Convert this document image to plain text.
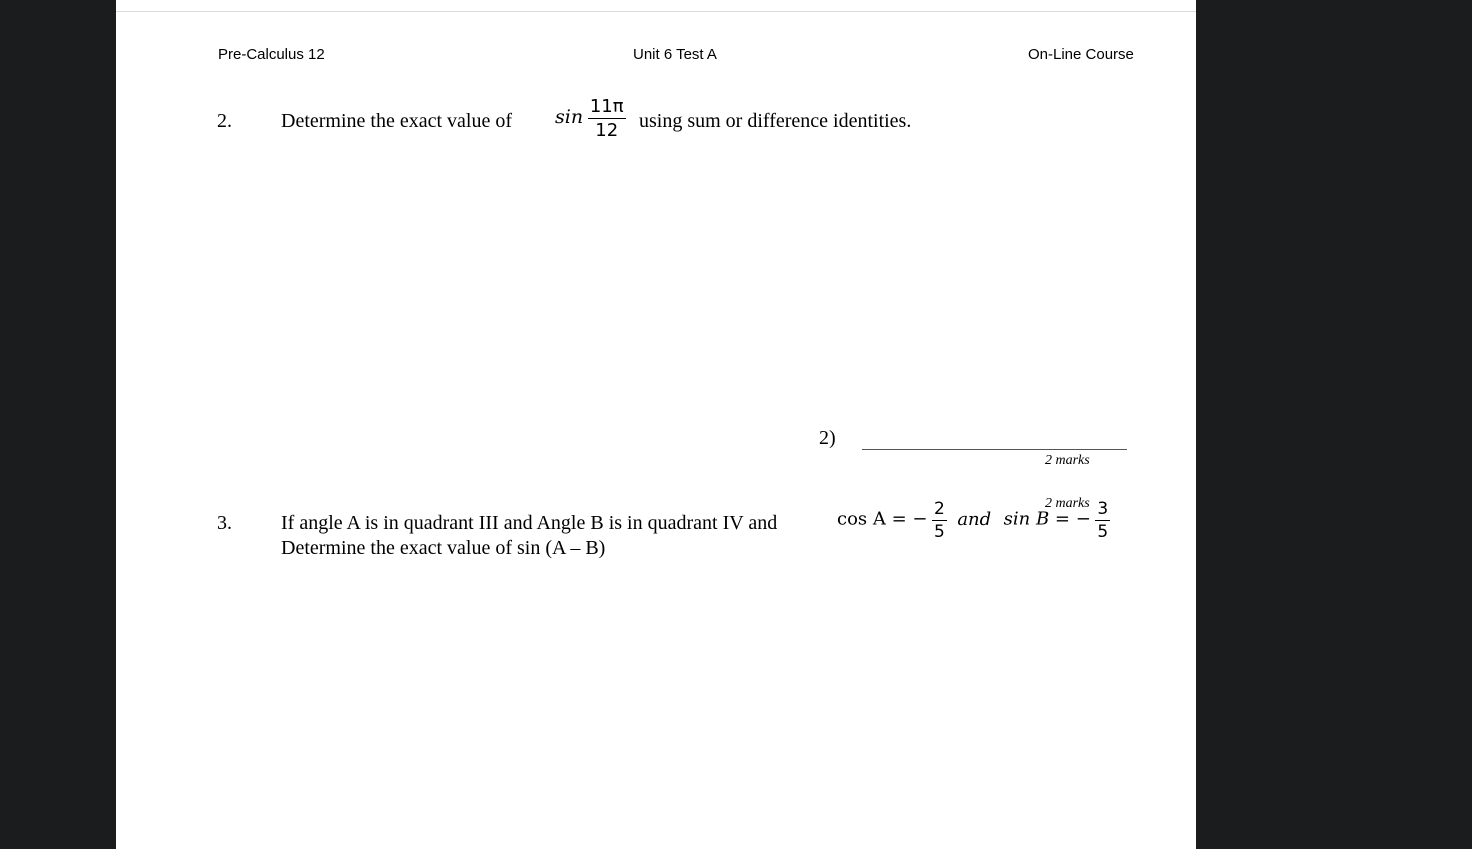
Pre-Calculus 12	Unit 6 Test A	On-Line Course
2. Determine the exact value of $\sin \frac{11\pi}{12}$ using sum or difference identities.
2)
2 marks
2 marks
3. If angle A is in quadrant III and Angle B is in quadrant IV and
Determine the exact value of sin (A – B)
cos A = − $\frac{2}{5}$ and sin B = − $\frac{3}{5}$
